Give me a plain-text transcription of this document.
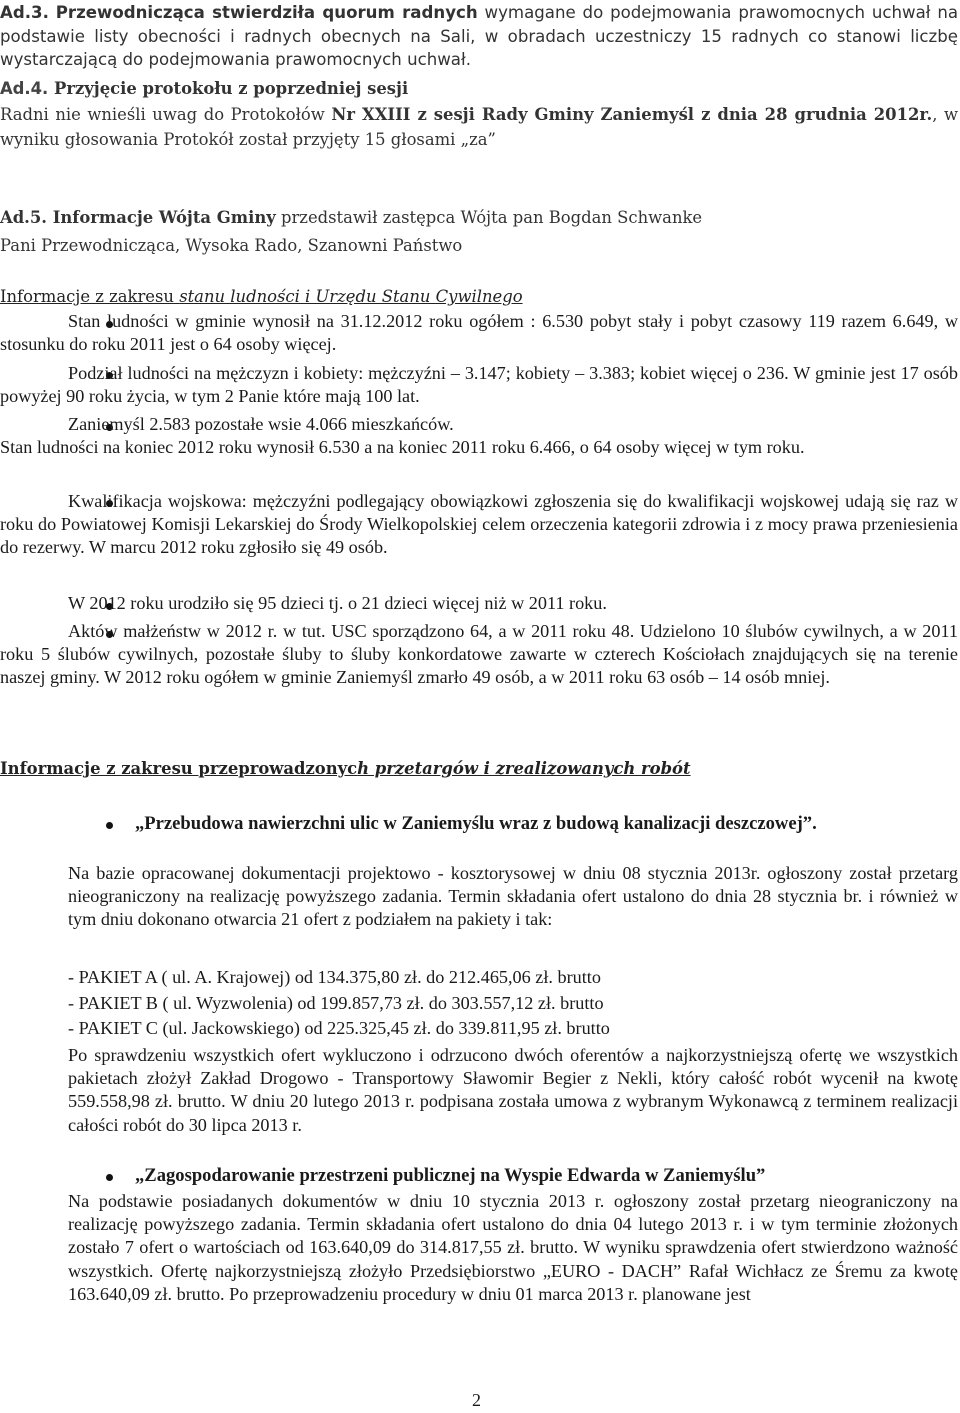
Ad.3. Przewodnicząca stwierdziła quorum radnych wymagane do podejmowania prawomocnych uchwał na podstawie listy obecności i radnych obecnych na Sali, w obradach uczestniczy 15 radnych co stanowi liczbę wystarczającą do podejmowania prawomocnych uchwał.

Ad.4. Przyjęcie protokołu z poprzedniej sesji

Radni nie wnieśli uwag do Protokołów Nr XXIII z sesji Rady Gminy Zaniemyśl z dnia 28 grudnia 2012r., w wyniku głosowania Protokół został przyjęty 15 głosami „za”

Ad.5. Informacje Wójta Gminy przedstawił zastępca Wójta pan Bogdan Schwanke

Pani Przewodnicząca, Wysoka Rado, Szanowni Państwo

Informacje z zakresu stanu ludności i Urzędu Stanu Cywilnego

Stan ludności w gminie wynosił na 31.12.2012 roku ogółem : 6.530 pobyt stały i pobyt czasowy 119 razem 6.649, w stosunku do roku 2011 jest o 64 osoby więcej.

Podział ludności na mężczyzn i kobiety: mężczyźni – 3.147; kobiety – 3.383; kobiet więcej o 236. W gminie jest 17 osób powyżej 90 roku życia, w tym 2 Panie które mają 100 lat.

Zaniemyśl 2.583 pozostałe wsie 4.066 mieszkańców.

Stan ludności na koniec 2012 roku wynosił 6.530 a na koniec 2011 roku 6.466, o 64 osoby więcej w tym roku.

Kwalifikacja wojskowa: mężczyźni podlegający obowiązkowi zgłoszenia się do kwalifikacji wojskowej udają się raz w roku do Powiatowej Komisji Lekarskiej do Środy Wielkopolskiej celem orzeczenia kategorii zdrowia i z mocy prawa przeniesienia do rezerwy. W marcu 2012 roku zgłosiło się 49 osób.

W 2012 roku urodziło się 95 dzieci tj. o 21 dzieci więcej niż w 2011 roku.

Aktów małżeństw w 2012 r. w tut. USC sporządzono 64, a w 2011 roku 48. Udzielono 10 ślubów cywilnych, a w 2011 roku 5 ślubów cywilnych, pozostałe śluby to śluby konkordatowe zawarte w czterech Kościołach znajdujących się na terenie naszej gminy. W 2012 roku ogółem w gminie Zaniemyśl zmarło 49 osób, a w 2011 roku 63 osób – 14 osób mniej.

Informacje z zakresu przeprowadzonych przetargów i zrealizowanych robót

„Przebudowa nawierzchni ulic w Zaniemyślu wraz z budową kanalizacji deszczowej”.

Na bazie opracowanej dokumentacji projektowo - kosztorysowej w dniu 08 stycznia 2013r. ogłoszony został przetarg nieograniczony na realizację powyższego zadania. Termin składania ofert ustalono do dnia 28 stycznia br. i również w tym dniu dokonano otwarcia 21 ofert z podziałem na pakiety i tak:

- PAKIET A ( ul. A. Krajowej) od 134.375,80 zł. do 212.465,06 zł. brutto

- PAKIET B ( ul. Wyzwolenia) od 199.857,73 zł. do 303.557,12 zł. brutto

- PAKIET C (ul. Jackowskiego) od 225.325,45 zł. do 339.811,95 zł. brutto

Po sprawdzeniu wszystkich ofert wykluczono i odrzucono dwóch oferentów a najkorzystniejszą ofertę we wszystkich pakietach złożył Zakład Drogowo - Transportowy Sławomir Begier z Nekli, który całość robót wycenił na kwotę 559.558,98 zł. brutto. W dniu 20 lutego 2013 r. podpisana została umowa z wybranym Wykonawcą z terminem realizacji całości robót do 30 lipca 2013 r.

„Zagospodarowanie przestrzeni publicznej na Wyspie Edwarda w Zaniemyślu”

Na podstawie posiadanych dokumentów w dniu 10 stycznia 2013 r. ogłoszony został przetarg nieograniczony na realizację powyższego zadania. Termin składania ofert ustalono do dnia 04 lutego 2013 r. i w tym terminie złożonych zostało 7 ofert o wartościach od 163.640,09 do 314.817,55 zł. brutto. W wyniku sprawdzenia ofert stwierdzono ważność wszystkich. Ofertę najkorzystniejszą złożyło Przedsiębiorstwo „EURO - DACH” Rafał Wichłacz ze Śremu za kwotę 163.640,09 zł. brutto. Po przeprowadzeniu procedury w dniu 01 marca 2013 r. planowane jest

2
